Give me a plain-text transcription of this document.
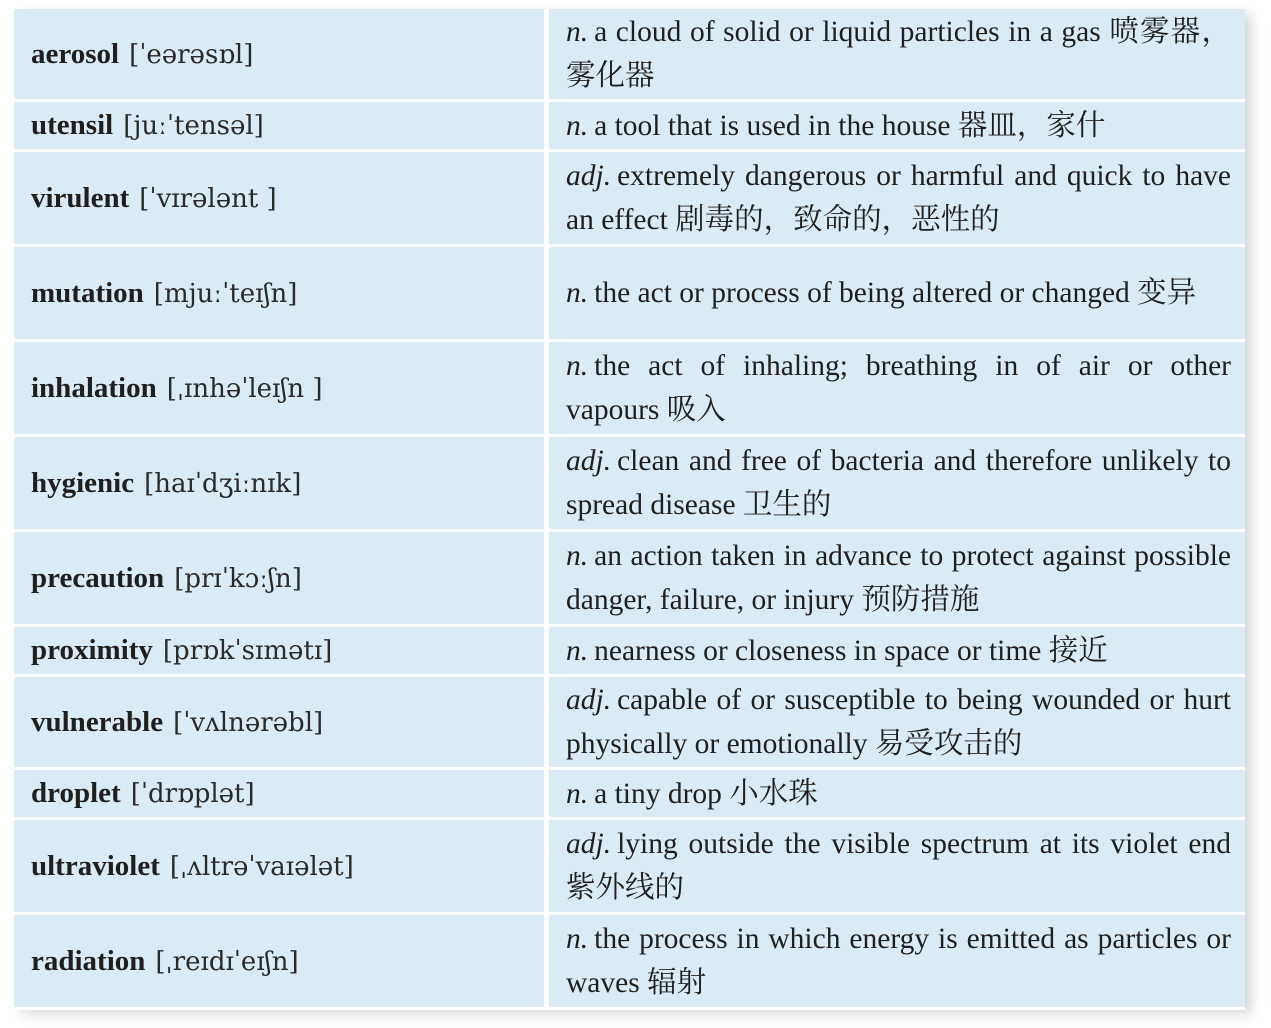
aerosol [ˈeərəsɒl]	n. a cloud of solid or liquid particles in a gas 喷雾器，雾化器

utensil [juːˈtensəl]	n. a tool that is used in the house 器皿，家什

virulent [ˈvɪrələnt ]	adj. extremely dangerous or harmful and quick to have an effect 剧毒的，致命的，恶性的

mutation [mjuːˈteɪʃn]	n. the act or process of being altered or changed 变异

inhalation [ˌɪnhəˈleɪʃn ]	n. the act of inhaling; breathing in of air or other vapours 吸入

hygienic [haɪˈdʒiːnɪk]	adj. clean and free of bacteria and therefore unlikely to spread disease 卫生的

precaution [prɪˈkɔːʃn]	n. an action taken in advance to protect against possible danger, failure, or injury 预防措施

proximity [prɒkˈsɪmətɪ]	n. nearness or closeness in space or time 接近

vulnerable [ˈvʌlnərəbl]	adj. capable of or susceptible to being wounded or hurt physically or emotionally 易受攻击的

droplet [ˈdrɒplət]	n. a tiny drop 小水珠

ultraviolet [ˌʌltrəˈvaɪələt]	adj. lying outside the visible spectrum at its violet end 紫外线的

radiation [ˌreɪdɪˈeɪʃn]	n. the process in which energy is emitted as particles or waves 辐射
